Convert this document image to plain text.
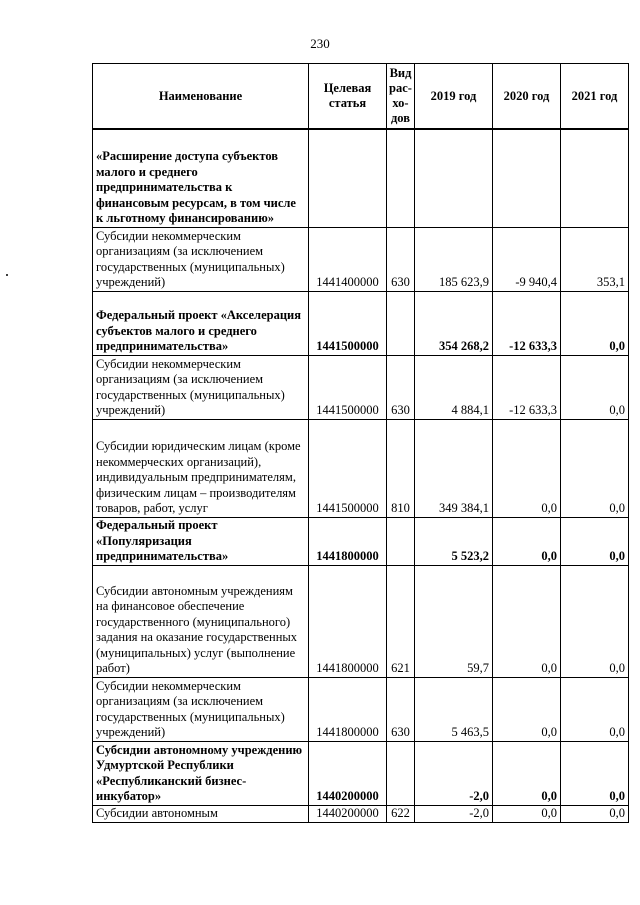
230
Наименование	Целевая статья	Вид рас-хо-дов	2019 год	2020 год	2021 год
«Расширение доступа субъектов малого и среднего предпринимательства к финансовым ресурсам, в том числе к льготному финансированию»					
Субсидии некоммерческим организациям (за исключением государственных (муниципальных) учреждений)	1441400000	630	185 623,9	-9 940,4	353,1
Федеральный проект «Акселерация субъектов малого и среднего предпринимательства»	1441500000		354 268,2	-12 633,3	0,0
Субсидии некоммерческим организациям (за исключением государственных (муниципальных) учреждений)	1441500000	630	4 884,1	-12 633,3	0,0
Субсидии юридическим лицам (кроме некоммерческих организаций), индивидуальным предпринимателям, физическим лицам – производителям товаров, работ, услуг	1441500000	810	349 384,1	0,0	0,0
Федеральный проект «Популяризация предпринимательства»	1441800000		5 523,2	0,0	0,0
Субсидии автономным учреждениям на финансовое обеспечение государственного (муниципального) задания на оказание государственных (муниципальных) услуг (выполнение работ)	1441800000	621	59,7	0,0	0,0
Субсидии некоммерческим организациям (за исключением государственных (муниципальных) учреждений)	1441800000	630	5 463,5	0,0	0,0
Субсидии автономному учреждению Удмуртской Республики «Республиканский бизнес-инкубатор»	1440200000		-2,0	0,0	0,0
Субсидии автономным	1440200000	622	-2,0	0,0	0,0
